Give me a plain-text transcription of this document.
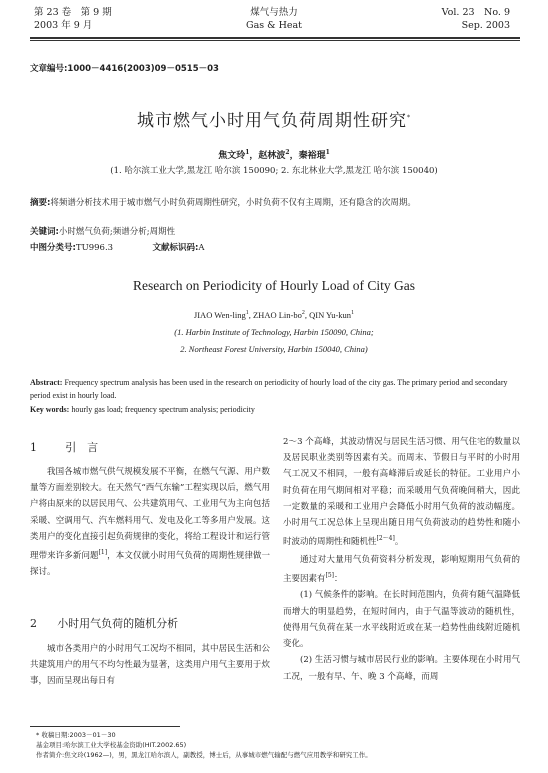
第 23 卷　第 9 期
2003 年 9 月
煤气与热力
Gas & Heat
Vol. 23　No. 9
Sep. 2003
文章编号:1000－4416(2003)09－0515－03
城市燃气小时用气负荷周期性研究*
焦文玲$^1$，赵林波$^2$，秦裕琨$^1$
(1. 哈尔滨工业大学,黑龙江 哈尔滨 150090; 2. 东北林业大学,黑龙江 哈尔滨 150040)
摘要:将频谱分析技术用于城市燃气小时负荷周期性研究，小时负荷不仅有主周期，还有隐含的次周期。
关键词:小时燃气负荷;频谱分析;周期性
中图分类号:TU996.3	文献标识码:A
Research on Periodicity of Hourly Load of City Gas
JIAO Wen-ling$^1$, ZHAO Lin-$bo^2$, QIN Yu-kun$^1$
(1. Harbin Institute of Technology, Harbin 150090, China;
2. Northeast Forest University, Harbin 150040, China)
Abstract: Frequency spectrum analysis has been used in the research on periodicity of hourly load of the city gas. The primary period and secondary period exist in hourly load.
Key words: hourly gas load; frequency spectrum analysis; periodicity
1	引　言

我国各城市燃气供气规模发展不平衡，在燃气气源、用户数量等方面差别较大。在天然气“西气东输”工程实现以后，燃气用户将由原来的以居民用气、公共建筑用气、工业用气为主向包括采暖、空调用气、汽车燃料用气、发电及化工等多用户发展。这类用户的变化直接引起负荷规律的变化，将给工程设计和运行管理带来许多新问题[1]，本文仅就小时用气负荷的周期性规律做一探讨。

2 小时用气负荷的随机分析

城市各类用户的小时用气工况均不相同，其中居民生活和公共建筑用户的用气不均匀性最为显著，这类用户用气主要用于炊事，因而呈现出每日有

2～3 个高峰，其波动情况与居民生活习惯、用气住宅的数量以及居民职业类别等因素有关。而周末、节假日与平时的小时用气工况又不相同，一般有高峰滞后或延长的特征。工业用户小时负荷在用气期间相对平稳；而采暖用气负荷晚间稍大，因此一定数量的采暖和工业用户会降低小时用气负荷的波动幅度。小时用气工况总体上呈现出随日用气负荷波动的趋势性和随小时波动的周期性和随机性[2～4]。

通过对大量用气负荷资料分析发现，影响短期用气负荷的主要因素有[5]：

(1) 气候条件的影响。在长时间范围内，负荷有随气温降低而增大的明显趋势，在短时间内，由于气温等波动的随机性，使得用气负荷在某一水平线附近或在某一趋势性曲线附近随机变化。

(2) 生活习惯与城市居民行业的影响。主要体现在小时用气工况，一般有早、午、晚 3 个高峰，而周

* 收稿日期:2003－01－30
基金项目:哈尔滨工业大学校基金资助(HIT.2002.65)
作者简介:焦文玲(1962—)，男，黑龙江哈尔滨人，副教授，博士后，从事城市燃气输配与燃气应用教学和研究工作。
